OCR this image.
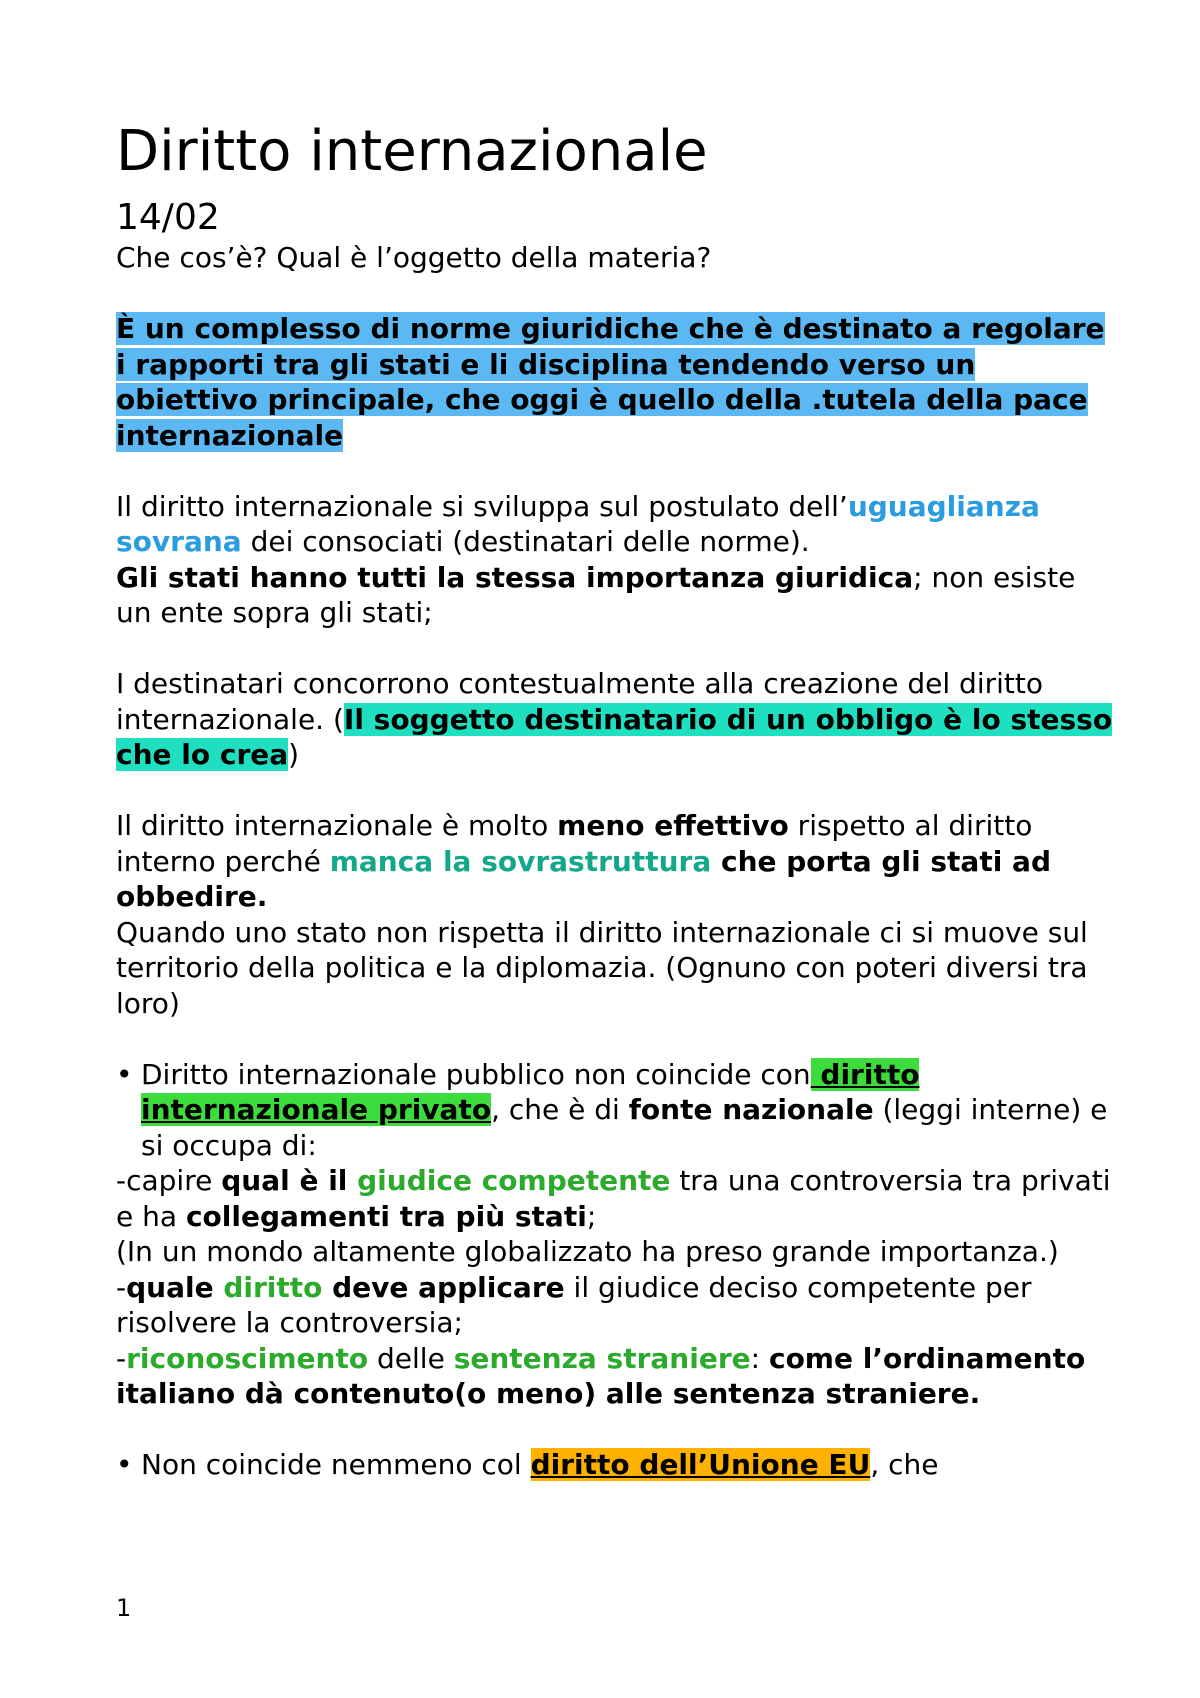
Diritto internazionale
14/02

Che cos’è? Qual è l’oggetto della materia?

È un complesso di norme giuridiche che è destinato a regolare i rapporti tra gli stati e li disciplina tendendo verso un obiettivo principale, che oggi è quello della .tutela della pace internazionale

Il diritto internazionale si sviluppa sul postulato dell’uguaglianza sovrana dei consociati (destinatari delle norme).

Gli stati hanno tutti la stessa importanza giuridica; non esiste un ente sopra gli stati;

I destinatari concorrono contestualmente alla creazione del diritto internazionale. (Il soggetto destinatario di un obbligo è lo stesso che lo crea)

Il diritto internazionale è molto meno effettivo rispetto al diritto interno perché manca la sovrastruttura che porta gli stati ad obbedire.

Quando uno stato non rispetta il diritto internazionale ci si muove sul territorio della politica e la diplomazia. (Ognuno con poteri diversi tra loro)

• Diritto internazionale pubblico non coincide con diritto internazionale privato, che è di fonte nazionale (leggi interne) e si occupa di:

-capire qual è il giudice competente tra una controversia tra privati e ha collegamenti tra più stati;

(In un mondo altamente globalizzato ha preso grande importanza.)

-quale diritto deve applicare il giudice deciso competente per risolvere la controversia;

-riconoscimento delle sentenza straniere: come l’ordinamento italiano dà contenuto(o meno) alle sentenza straniere.

• Non coincide nemmeno col diritto dell’Unione EU, che

1
